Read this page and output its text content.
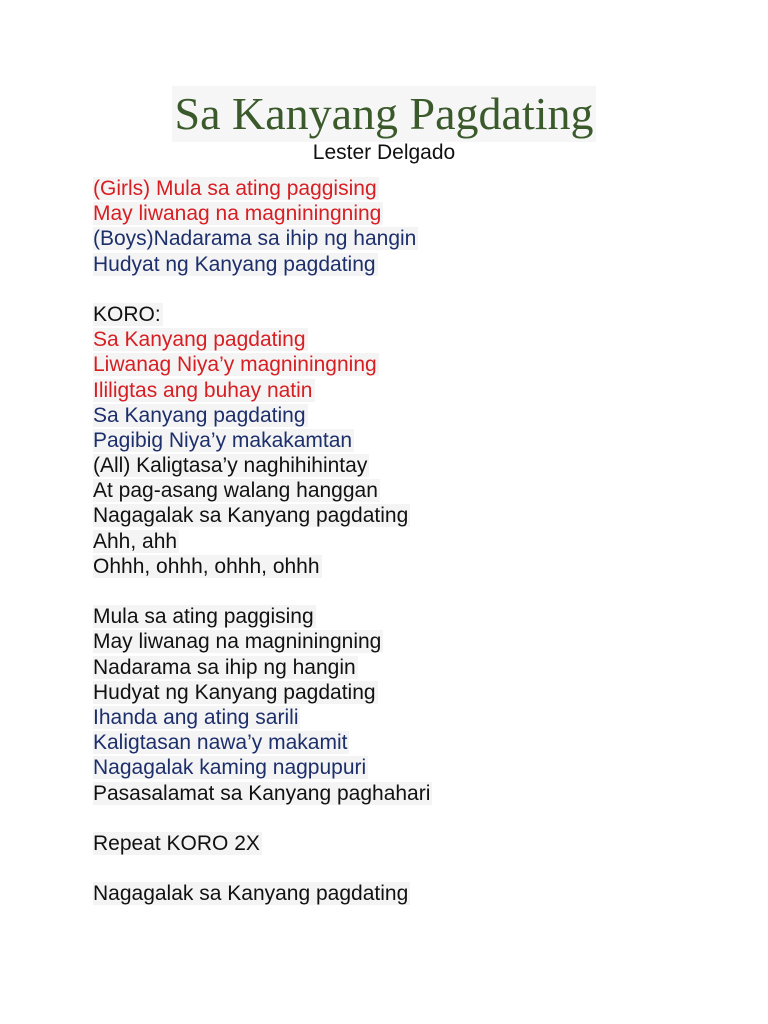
Sa Kanyang Pagdating
Lester Delgado
(Girls) Mula sa ating paggising
May liwanag na magniningning
(Boys)Nadarama sa ihip ng hangin
Hudyat ng Kanyang pagdating
KORO:
Sa Kanyang pagdating
Liwanag Niya’y magniningning
Ililigtas ang buhay natin
Sa Kanyang pagdating
Pagibig Niya’y makakamtan
(All) Kaligtasa’y naghihihintay
At pag-asang walang hanggan
Nagagalak sa Kanyang pagdating
Ahh, ahh
Ohhh, ohhh, ohhh, ohhh
Mula sa ating paggising
May liwanag na magniningning
Nadarama sa ihip ng hangin
Hudyat ng Kanyang pagdating
Ihanda ang ating sarili
Kaligtasan nawa’y makamit
Nagagalak kaming nagpupuri
Pasasalamat sa Kanyang paghahari
Repeat KORO 2X
Nagagalak sa Kanyang pagdating
